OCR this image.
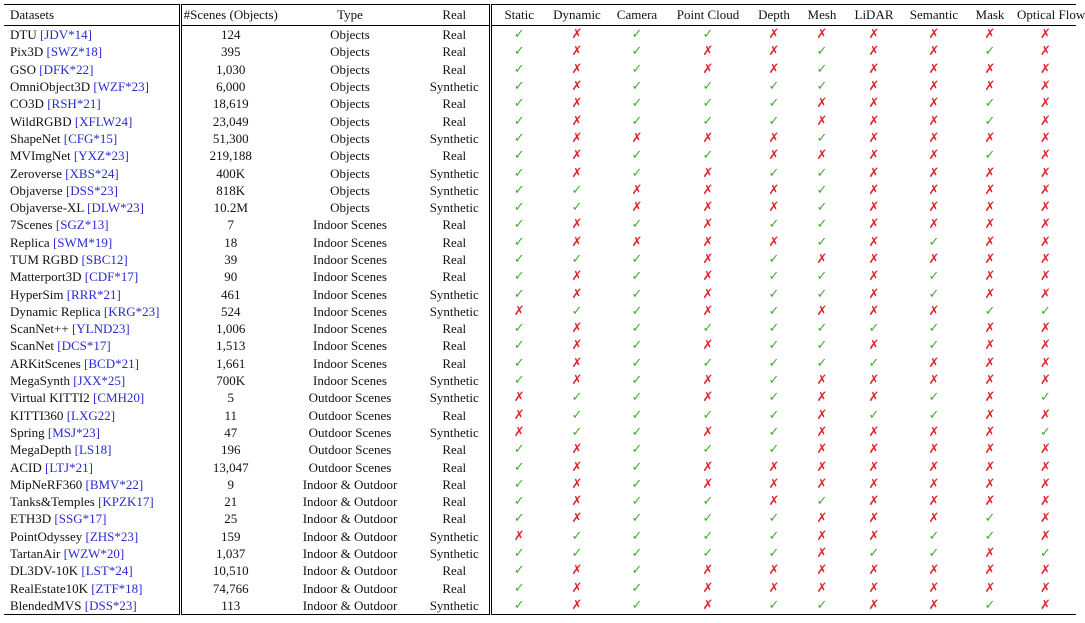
Datasets	#Scenes (Objects)	Type	Real	Static	Dynamic	Camera	Point Cloud	Depth	Mesh	LiDAR	Semantic	Mask	Optical Flow
DTU [JDV*14]	124	Objects	Real	✓	✗	✓	✓	✗	✗	✗	✗	✗	✗
Pix3D [SWZ*18]	395	Objects	Real	✓	✗	✓	✗	✗	✓	✗	✗	✓	✗
GSO [DFK*22]	1,030	Objects	Real	✓	✗	✓	✗	✗	✓	✗	✗	✗	✗
OmniObject3D [WZF*23]	6,000	Objects	Synthetic	✓	✗	✓	✓	✓	✓	✗	✗	✗	✗
CO3D [RSH*21]	18,619	Objects	Real	✓	✗	✓	✓	✓	✗	✗	✗	✓	✗
WildRGBD [XFLW24]	23,049	Objects	Real	✓	✗	✓	✓	✓	✗	✗	✗	✓	✗
ShapeNet [CFG*15]	51,300	Objects	Synthetic	✓	✗	✗	✗	✗	✓	✗	✗	✗	✗
MVImgNet [YXZ*23]	219,188	Objects	Real	✓	✗	✓	✓	✗	✗	✗	✗	✓	✗
Zeroverse [XBS*24]	400K	Objects	Synthetic	✓	✗	✓	✗	✓	✓	✗	✗	✗	✗
Objaverse [DSS*23]	818K	Objects	Synthetic	✓	✓	✗	✗	✗	✓	✗	✗	✗	✗
Objaverse-XL [DLW*23]	10.2M	Objects	Synthetic	✓	✓	✗	✗	✗	✓	✗	✗	✗	✗
7Scenes [SGZ*13]	7	Indoor Scenes	Real	✓	✗	✓	✗	✓	✓	✗	✗	✗	✗
Replica [SWM*19]	18	Indoor Scenes	Real	✓	✗	✗	✗	✗	✓	✗	✓	✗	✗
TUM RGBD [SBC12]	39	Indoor Scenes	Real	✓	✓	✓	✗	✓	✗	✗	✗	✗	✗
Matterport3D [CDF*17]	90	Indoor Scenes	Real	✓	✗	✓	✗	✓	✓	✗	✓	✗	✗
HyperSim [RRR*21]	461	Indoor Scenes	Synthetic	✓	✗	✓	✗	✓	✓	✗	✓	✗	✗
Dynamic Replica [KRG*23]	524	Indoor Scenes	Synthetic	✗	✓	✓	✗	✓	✗	✗	✗	✓	✓
ScanNet++ [YLND23]	1,006	Indoor Scenes	Real	✓	✗	✓	✓	✓	✓	✓	✓	✗	✗
ScanNet [DCS*17]	1,513	Indoor Scenes	Real	✓	✗	✓	✗	✓	✓	✗	✓	✗	✗
ARKitScenes [BCD*21]	1,661	Indoor Scenes	Real	✓	✗	✓	✓	✓	✓	✓	✗	✗	✗
MegaSynth [JXX*25]	700K	Indoor Scenes	Synthetic	✓	✗	✓	✗	✓	✗	✗	✗	✗	✗
Virtual KITTI2 [CMH20]	5	Outdoor Scenes	Synthetic	✗	✓	✓	✗	✓	✗	✗	✓	✗	✓
KITTI360 [LXG22]	11	Outdoor Scenes	Real	✗	✓	✓	✓	✓	✗	✓	✓	✗	✗
Spring [MSJ*23]	47	Outdoor Scenes	Synthetic	✗	✓	✓	✗	✓	✗	✗	✗	✗	✓
MegaDepth [LS18]	196	Outdoor Scenes	Real	✓	✗	✓	✓	✓	✗	✗	✗	✗	✗
ACID [LTJ*21]	13,047	Outdoor Scenes	Real	✓	✗	✓	✗	✗	✗	✗	✗	✗	✗
MipNeRF360 [BMV*22]	9	Indoor & Outdoor	Real	✓	✗	✓	✗	✗	✗	✗	✗	✗	✗
Tanks&Temples [KPZK17]	21	Indoor & Outdoor	Real	✓	✗	✓	✓	✗	✓	✗	✗	✗	✗
ETH3D [SSG*17]	25	Indoor & Outdoor	Real	✓	✗	✓	✓	✓	✗	✗	✗	✓	✗
PointOdyssey [ZHS*23]	159	Indoor & Outdoor	Synthetic	✗	✓	✓	✓	✓	✗	✗	✓	✓	✗
TartanAir [WZW*20]	1,037	Indoor & Outdoor	Synthetic	✓	✓	✓	✓	✓	✗	✓	✓	✗	✓
DL3DV-10K [LST*24]	10,510	Indoor & Outdoor	Real	✓	✗	✓	✗	✗	✗	✗	✗	✗	✗
RealEstate10K [ZTF*18]	74,766	Indoor & Outdoor	Real	✓	✗	✓	✗	✗	✗	✗	✗	✗	✗
BlendedMVS [DSS*23]	113	Indoor & Outdoor	Synthetic	✓	✗	✓	✗	✓	✓	✗	✗	✓	✗
